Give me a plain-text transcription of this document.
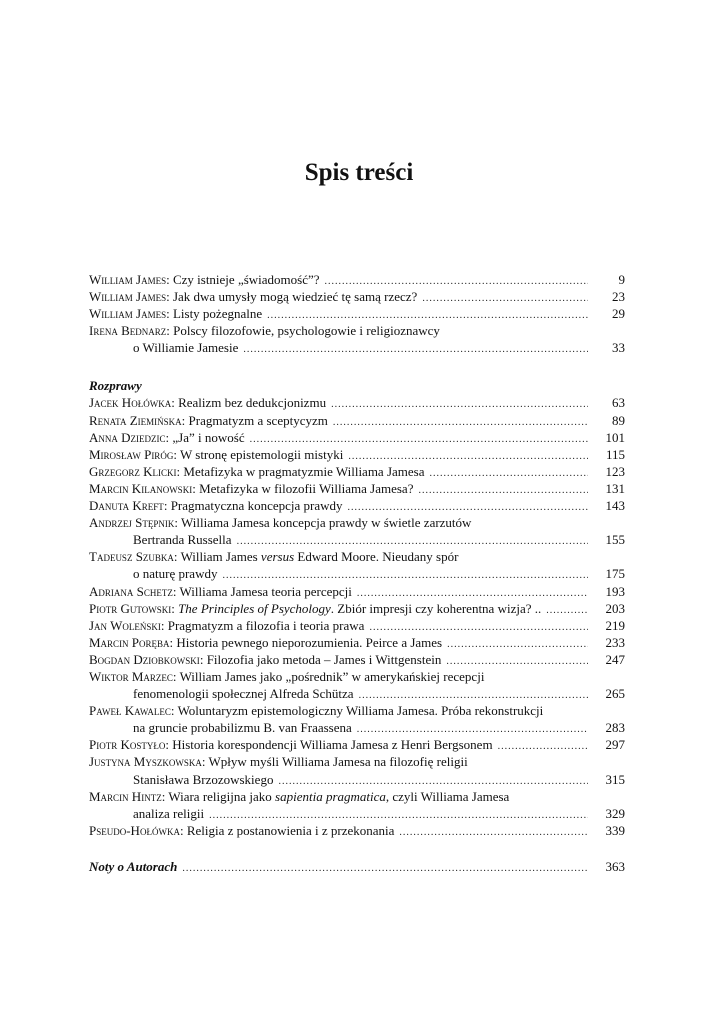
Spis treści
William James: Czy istnieje „świadomość”? .....	9
William James: Jak dwa umysły mogą wiedzieć tę samą rzecz? .....	23
William James: Listy pożegnalne .....	29
Irena Bednarz: Polscy filozofowie, psychologowie i religioznawcy
o Williamie Jamesie .....	33
Rozprawy
Jacek Hołówka: Realizm bez dedukcjonizmu .....	63
Renata Ziemińska: Pragmatyzm a sceptycyzm .....	89
Anna Dziedzic: „Ja” i nowość .....	101
Mirosław Piróg: W stronę epistemologii mistyki .....	115
Grzegorz Klicki: Metafizyka w pragmatyzmie Williama Jamesa .....	123
Marcin Kilanowski: Metafizyka w filozofii Williama Jamesa? .....	131
Danuta Kreft: Pragmatyczna koncepcja prawdy .....	143
Andrzej Stępnik: Williama Jamesa koncepcja prawdy w świetle zarzutów
Bertranda Russella .....	155
Tadeusz Szubka: William James versus Edward Moore. Nieudany spór
o naturę prawdy .....	175
Adriana Schetz: Williama Jamesa teoria percepcji .....	193
Piotr Gutowski: The Principles of Psychology. Zbiór impresji czy koherentna wizja? .. .....	203
Jan Woleński: Pragmatyzm a filozofia i teoria prawa .....	219
Marcin Poręba: Historia pewnego nieporozumienia. Peirce a James .....	233
Bogdan Dziobkowski: Filozofia jako metoda – James i Wittgenstein .....	247
Wiktor Marzec: William James jako „pośrednik” w amerykańskiej recepcji
fenomenologii społecznej Alfreda Schütza .....	265
Paweł Kawalec: Woluntaryzm epistemologiczny Williama Jamesa. Próba rekonstrukcji
na gruncie probabilizmu B. van Fraassena .....	283
Piotr Kostyło: Historia korespondencji Williama Jamesa z Henri Bergsonem .....	297
Justyna Myszkowska: Wpływ myśli Williama Jamesa na filozofię religii
Stanisława Brzozowskiego .....	315
Marcin Hintz: Wiara religijna jako sapientia pragmatica, czyli Williama Jamesa
analiza religii .....	329
Pseudo-Hołówka: Religia z postanowienia i z przekonania .....	339
Noty o Autorach .....	363
